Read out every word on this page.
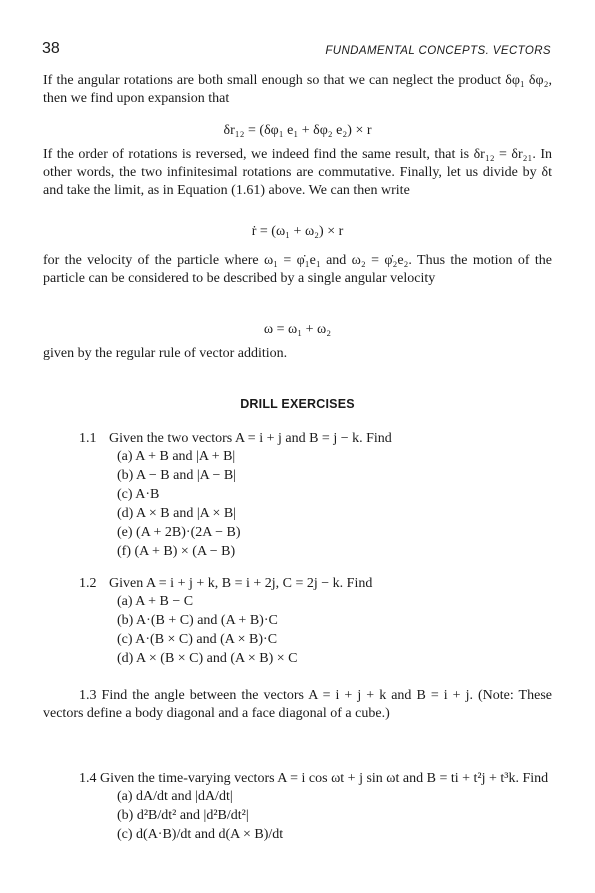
38	FUNDAMENTAL CONCEPTS. VECTORS
If the angular rotations are both small enough so that we can neglect the product δφ₁ δφ₂, then we find upon expansion that
δr₁₂ = (δφ₁ e₁ + δφ₂ e₂) × r
If the order of rotations is reversed, we indeed find the same result, that is δr₁₂ = δr₂₁. In other words, the two infinitesimal rotations are commutative. Finally, let us divide by δt and take the limit, as in Equation (1.61) above. We can then write
ṙ = (ω₁ + ω₂) × r
for the velocity of the particle where ω₁ = φ̇₁e₁ and ω₂ = φ̇₂e₂. Thus the motion of the particle can be considered to be described by a single angular velocity
ω = ω₁ + ω₂
given by the regular rule of vector addition.
DRILL EXERCISES
1.1 Given the two vectors A = i + j and B = j − k. Find
(a) A + B and |A + B|
(b) A − B and |A − B|
(c) A·B
(d) A × B and |A × B|
(e) (A + 2B)·(2A − B)
(f) (A + B) × (A − B)
1.2 Given A = i + j + k, B = i + 2j, C = 2j − k. Find
(a) A + B − C
(b) A·(B + C) and (A + B)·C
(c) A·(B × C) and (A × B)·C
(d) A × (B × C) and (A × B) × C
1.3 Find the angle between the vectors A = i + j + k and B = i + j. (Note: These vectors define a body diagonal and a face diagonal of a cube.)
1.4 Given the time-varying vectors A = i cos ωt + j sin ωt and B = ti + t²j + t³k. Find
(a) dA/dt and |dA/dt|
(b) d²B/dt² and |d²B/dt²|
(c) d(A·B)/dt and d(A × B)/dt
